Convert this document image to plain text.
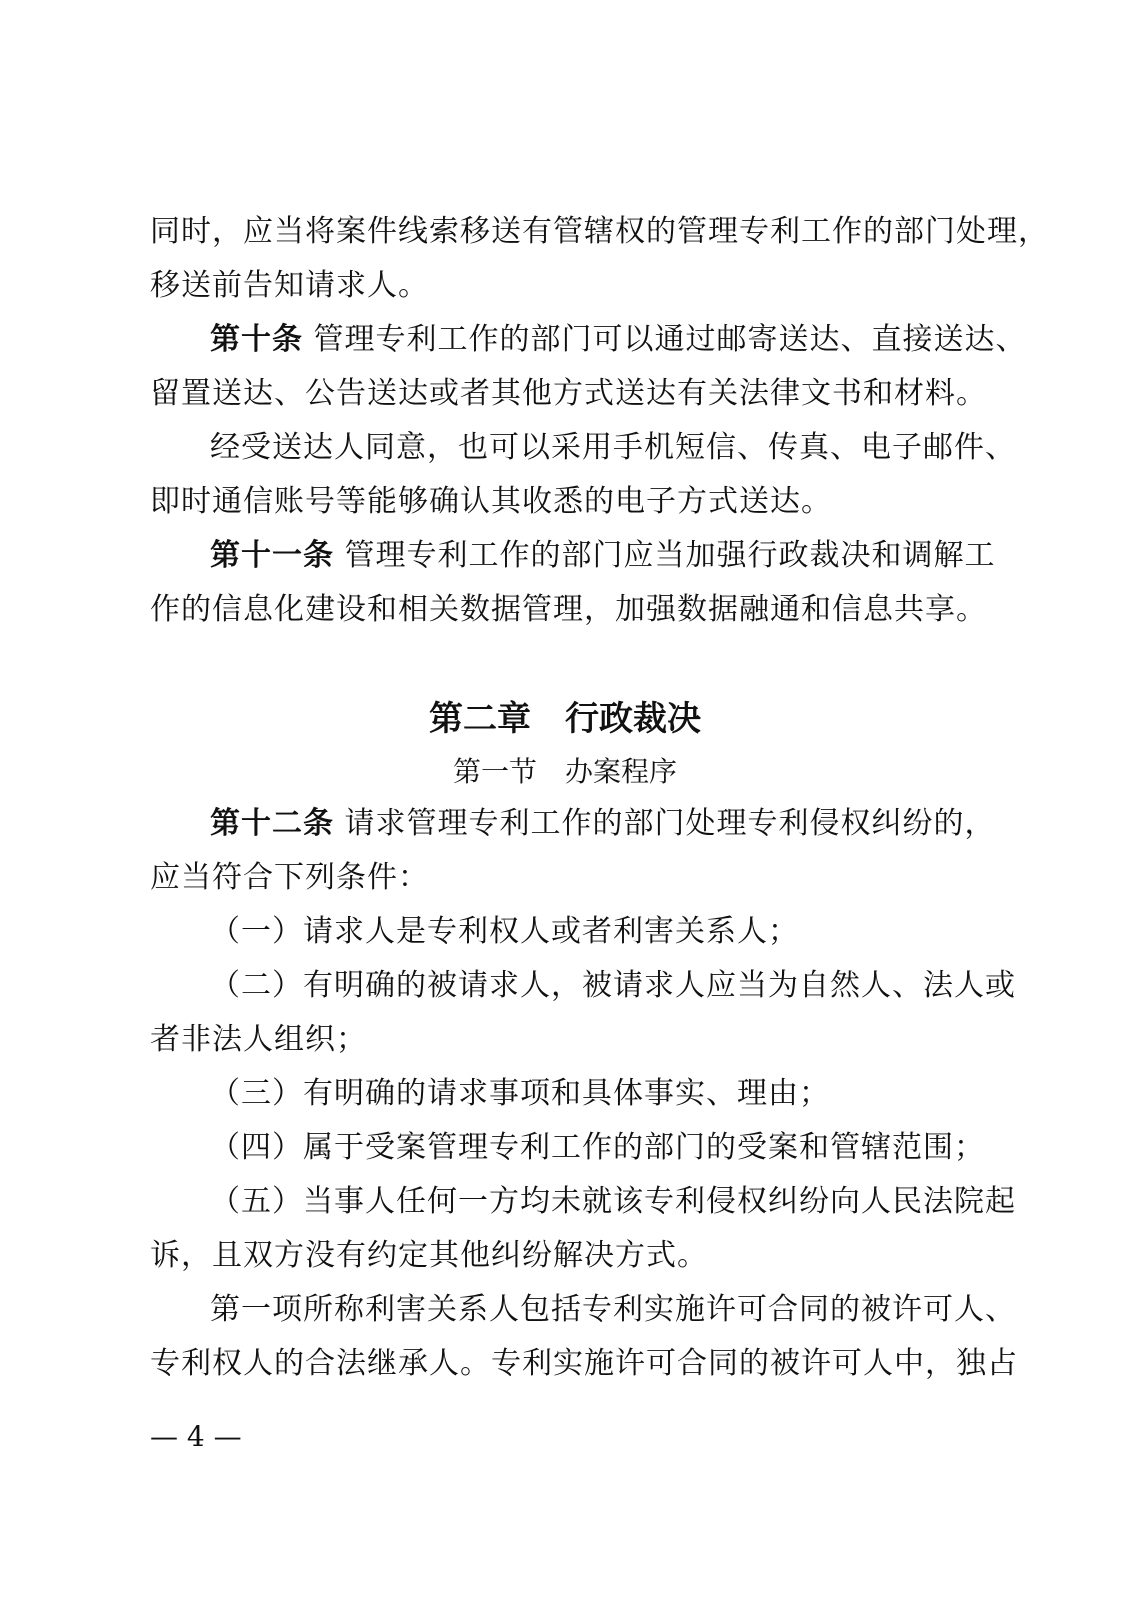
同时，应当将案件线索移送有管辖权的管理专利工作的部门处理，
移送前告知请求人。
第十条 管理专利工作的部门可以通过邮寄送达、直接送达、
留置送达、公告送达或者其他方式送达有关法律文书和材料。
经受送达人同意，也可以采用手机短信、传真、电子邮件、
即时通信账号等能够确认其收悉的电子方式送达。
第十一条 管理专利工作的部门应当加强行政裁决和调解工
作的信息化建设和相关数据管理，加强数据融通和信息共享。
第二章　行政裁决
第一节　办案程序
第十二条 请求管理专利工作的部门处理专利侵权纠纷的，
应当符合下列条件：
（一）请求人是专利权人或者利害关系人；
（二）有明确的被请求人，被请求人应当为自然人、法人或
者非法人组织；
（三）有明确的请求事项和具体事实、理由；
（四）属于受案管理专利工作的部门的受案和管辖范围；
（五）当事人任何一方均未就该专利侵权纠纷向人民法院起
诉，且双方没有约定其他纠纷解决方式。
第一项所称利害关系人包括专利实施许可合同的被许可人、
专利权人的合法继承人。专利实施许可合同的被许可人中，独占
— 4 —
